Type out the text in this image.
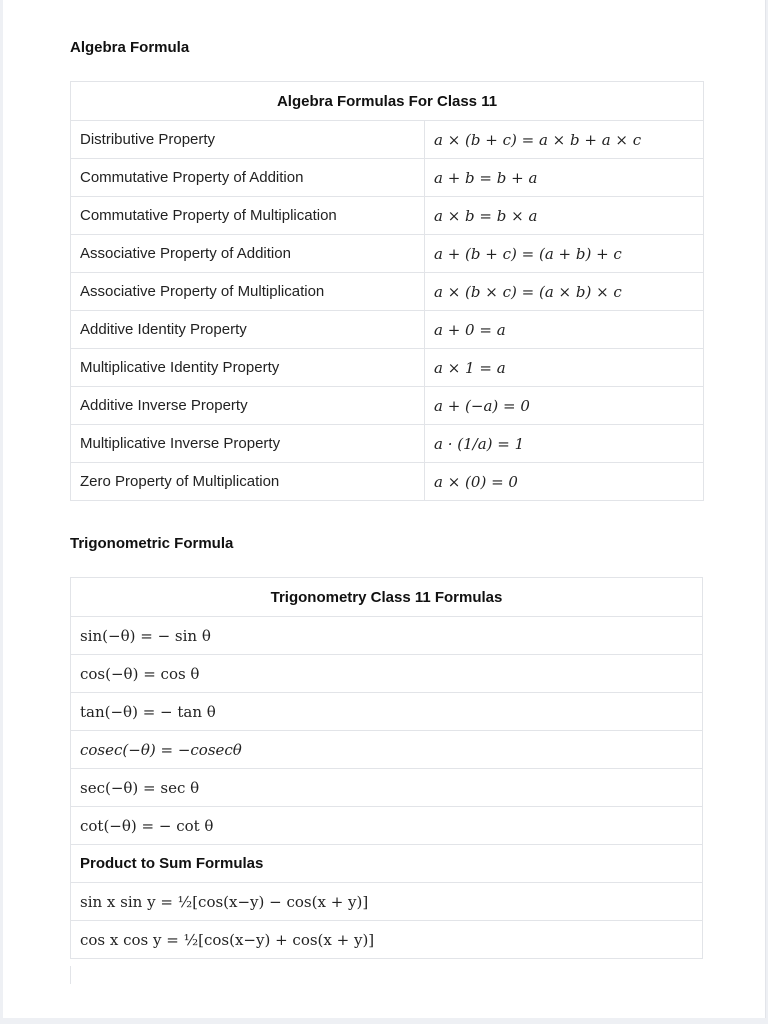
Algebra Formula
Algebra Formulas For Class 11	
Distributive Property	a × (b + c) = a × b + a × c
Commutative Property of Addition	a + b = b + a
Commutative Property of Multiplication	a × b = b × a
Associative Property of Addition	a + (b + c) = (a + b) + c
Associative Property of Multiplication	a × (b × c) = (a × b) × c
Additive Identity Property	a + 0 = a
Multiplicative Identity Property	a × 1 = a
Additive Inverse Property	a + (−a) = 0
Multiplicative Inverse Property	a · (1/a) = 1
Zero Property of Multiplication	a × (0) = 0
Trigonometric Formula
Trigonometry Class 11 Formulas
sin(−θ) = − sin θ
cos(−θ) = cos θ
tan(−θ) = − tan θ
cosec(−θ) = −cosecθ
sec(−θ) = sec θ
cot(−θ) = − cot θ
Product to Sum Formulas
sin x sin y = ½[cos(x−y) − cos(x + y)]
cos x cos y = ½[cos(x−y) + cos(x + y)]
